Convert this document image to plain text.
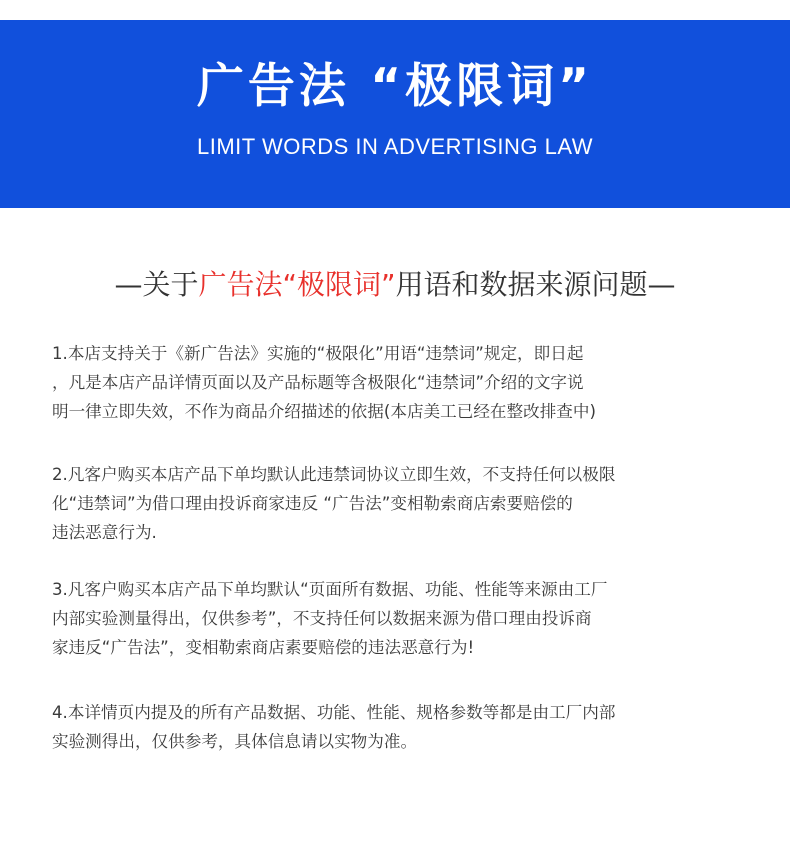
广告法 “极限词”
LIMIT WORDS IN ADVERTISING LAW
—关于广告法“极限词”用语和数据来源问题—
1.本店支持关于《新广告法》实施的“极限化”用语“违禁词”规定，即日起
，凡是本店产品详情页面以及产品标题等含极限化“违禁词”介绍的文字说
明一律立即失效，不作为商品介绍描述的依据(本店美工已经在整改排查中)
2.凡客户购买本店产品下单均默认此违禁词协议立即生效，不支持任何以极限
化“违禁词”为借口理由投诉商家违反 “广告法”变相勒索商店索要赔偿的
违法恶意行为.
3.凡客户购买本店产品下单均默认“页面所有数据、功能、性能等来源由工厂
内部实验测量得出，仅供参考”，不支持任何以数据来源为借口理由投诉商
家违反“广告法”，变相勒索商店素要赔偿的违法恶意行为!
4.本详情页内提及的所有产品数据、功能、性能、规格参数等都是由工厂内部
实验测得出，仅供参考，具体信息请以实物为准。
